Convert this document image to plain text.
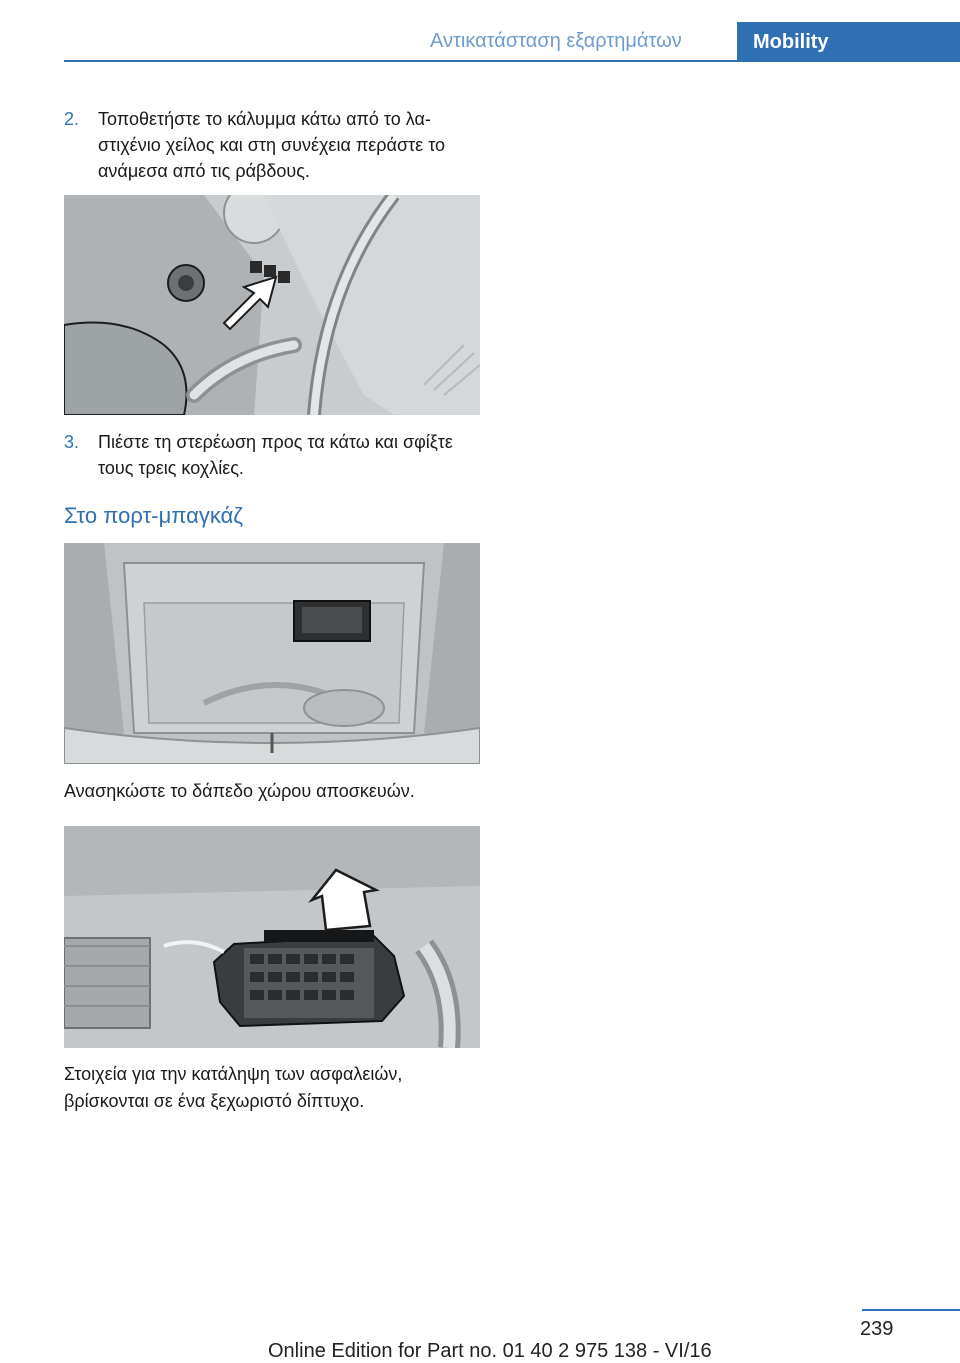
Αντικατάσταση εξαρτημάτων	Mobility
2. Τοποθετήστε το κάλυμμα κάτω από το λαστιχένιο χείλος και στη συνέχεια περάστε το ανάμεσα από τις ράβδους.
3. Πιέστε τη στερέωση προς τα κάτω και σφίξτε τους τρεις κοχλίες.
Στο πορτ-μπαγκάζ
Ανασηκώστε το δάπεδο χώρου αποσκευών.
Στοιχεία για την κατάληψη των ασφαλειών, βρίσκονται σε ένα ξεχωριστό δίπτυχο.
239
Online Edition for Part no. 01 40 2 975 138 - VI/16
